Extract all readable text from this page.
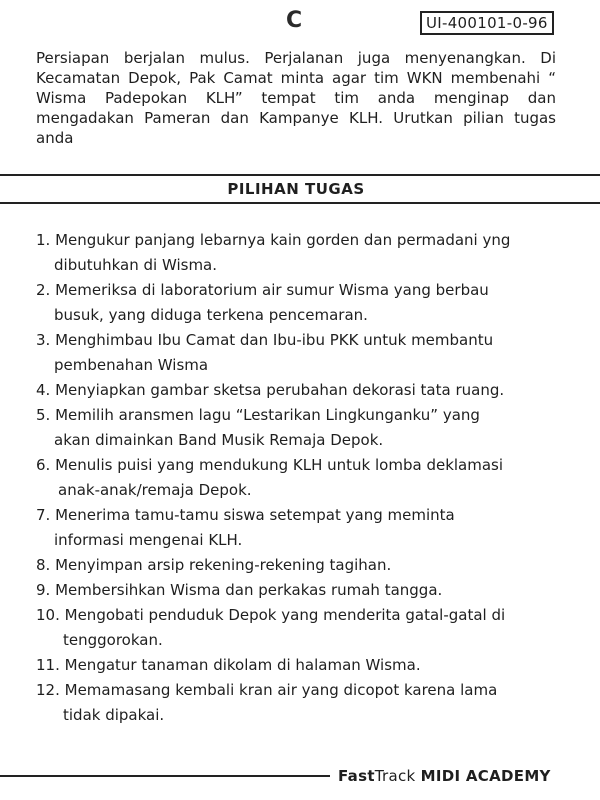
C	UI-400101-0-96

Persiapan berjalan mulus. Perjalanan juga menyenangkan. Di Kecamatan Depok, Pak Camat minta agar tim WKN membenahi “ Wisma Padepokan KLH” tempat tim anda menginap dan mengadakan Pameran dan Kampanye KLH. Urutkan pilian tugas anda

PILIHAN TUGAS
1. Mengukur panjang lebarnya kain gorden dan permadani yng
dibutuhkan di Wisma.
2. Memeriksa di laboratorium air sumur Wisma yang berbau
busuk, yang diduga terkena pencemaran.
3. Menghimbau Ibu Camat dan Ibu-ibu PKK untuk membantu
pembenahan Wisma
4. Menyiapkan gambar sketsa perubahan dekorasi tata ruang.
5. Memilih aransmen lagu “Lestarikan Lingkunganku” yang
akan dimainkan Band Musik Remaja Depok.
6. Menulis puisi yang mendukung KLH untuk lomba deklamasi
anak-anak/remaja Depok.
7. Menerima tamu-tamu siswa setempat yang meminta
informasi mengenai KLH.
8. Menyimpan arsip rekening-rekening tagihan.
9. Membersihkan Wisma dan perkakas rumah tangga.
10. Mengobati penduduk Depok yang menderita gatal-gatal di
tenggorokan.
11. Mengatur tanaman dikolam di halaman Wisma.
12. Memamasang kembali kran air yang dicopot karena lama
tidak dipakai.
FastTrack MIDI ACADEMY
